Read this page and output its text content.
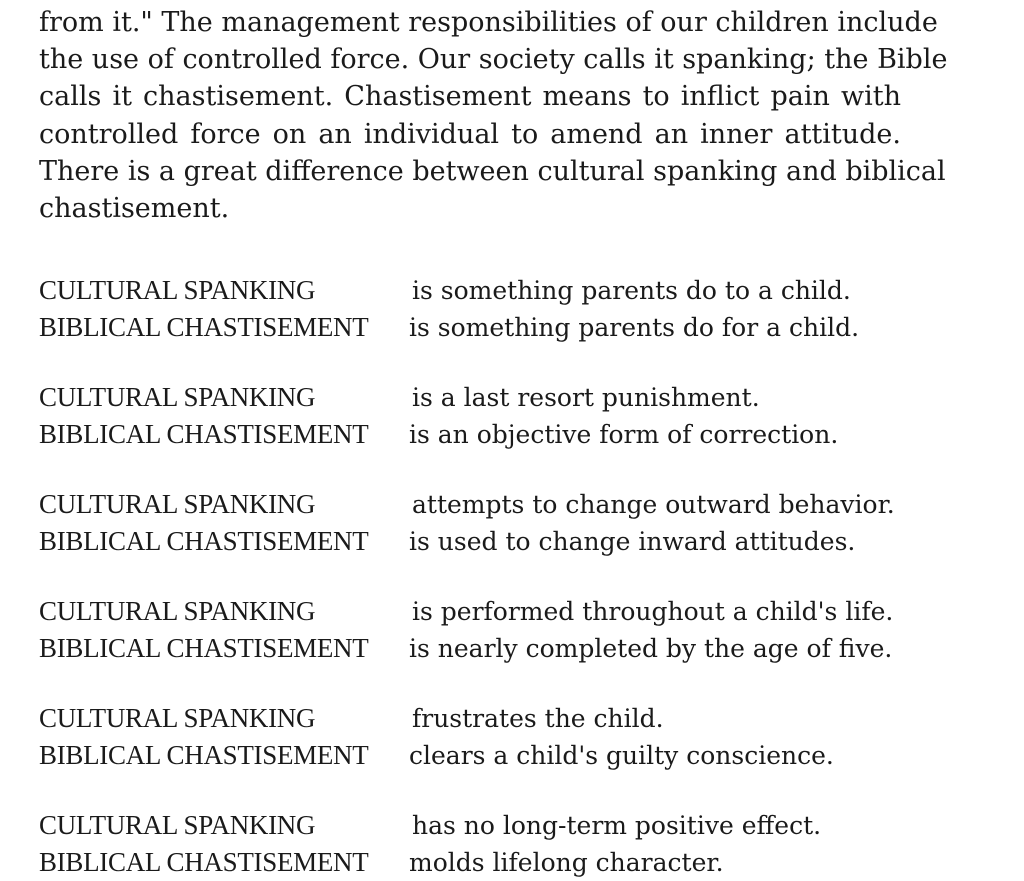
from it." The management responsibilities of our children include
the use of controlled force. Our society calls it spanking; the Bible
calls it chastisement. Chastisement means to inflict pain with
controlled force on an individual to amend an inner attitude.
There is a great difference between cultural spanking and biblical
chastisement.

CULTURAL SPANKING	is something parents do to a child.
BIBLICAL CHASTISEMENT is something parents do for a child.
CULTURAL SPANKING	is a last resort punishment.
BIBLICAL CHASTISEMENT is an objective form of correction.
CULTURAL SPANKING	attempts to change outward behavior.
BIBLICAL CHASTISEMENT is used to change inward attitudes.
CULTURAL SPANKING	is performed throughout a child's life.
BIBLICAL CHASTISEMENT is nearly completed by the age of five.
CULTURAL SPANKING	frustrates the child.
BIBLICAL CHASTISEMENT clears a child's guilty conscience.
CULTURAL SPANKING	has no long-term positive effect.
BIBLICAL CHASTISEMENT molds lifelong character.
